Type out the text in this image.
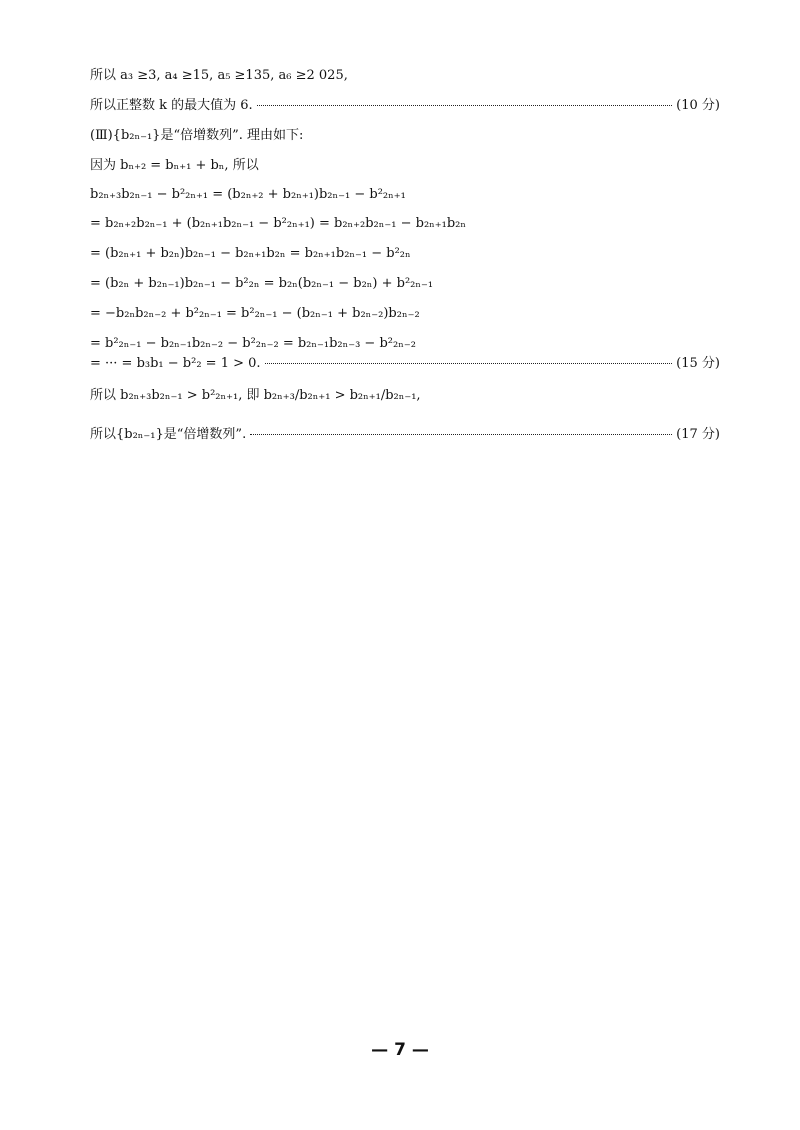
所以 a₃ ≥3, a₄ ≥15, a₅ ≥135, a₆ ≥2 025,
所以正整数 k 的最大值为 6.	(10 分)
(Ⅲ){b₂ₙ₋₁}是“倍增数列”. 理由如下:
因为 bₙ₊₂ = bₙ₊₁ + bₙ, 所以
b₂ₙ₊₃b₂ₙ₋₁ − b²₂ₙ₊₁ = (b₂ₙ₊₂ + b₂ₙ₊₁)b₂ₙ₋₁ − b²₂ₙ₊₁
= b₂ₙ₊₂b₂ₙ₋₁ + (b₂ₙ₊₁b₂ₙ₋₁ − b²₂ₙ₊₁) = b₂ₙ₊₂b₂ₙ₋₁ − b₂ₙ₊₁b₂ₙ
= (b₂ₙ₊₁ + b₂ₙ)b₂ₙ₋₁ − b₂ₙ₊₁b₂ₙ = b₂ₙ₊₁b₂ₙ₋₁ − b²₂ₙ
= (b₂ₙ + b₂ₙ₋₁)b₂ₙ₋₁ − b²₂ₙ = b₂ₙ(b₂ₙ₋₁ − b₂ₙ) + b²₂ₙ₋₁
= −b₂ₙb₂ₙ₋₂ + b²₂ₙ₋₁ = b²₂ₙ₋₁ − (b₂ₙ₋₁ + b₂ₙ₋₂)b₂ₙ₋₂
= b²₂ₙ₋₁ − b₂ₙ₋₁b₂ₙ₋₂ − b²₂ₙ₋₂ = b₂ₙ₋₁b₂ₙ₋₃ − b²₂ₙ₋₂
= ··· = b₃b₁ − b²₂ = 1 > 0.	(15 分)
所以 b₂ₙ₊₃b₂ₙ₋₁ > b²₂ₙ₊₁, 即 b₂ₙ₊₃/b₂ₙ₊₁ > b₂ₙ₊₁/b₂ₙ₋₁,
所以{b₂ₙ₋₁}是“倍增数列”.	(17 分)
— 7 —
